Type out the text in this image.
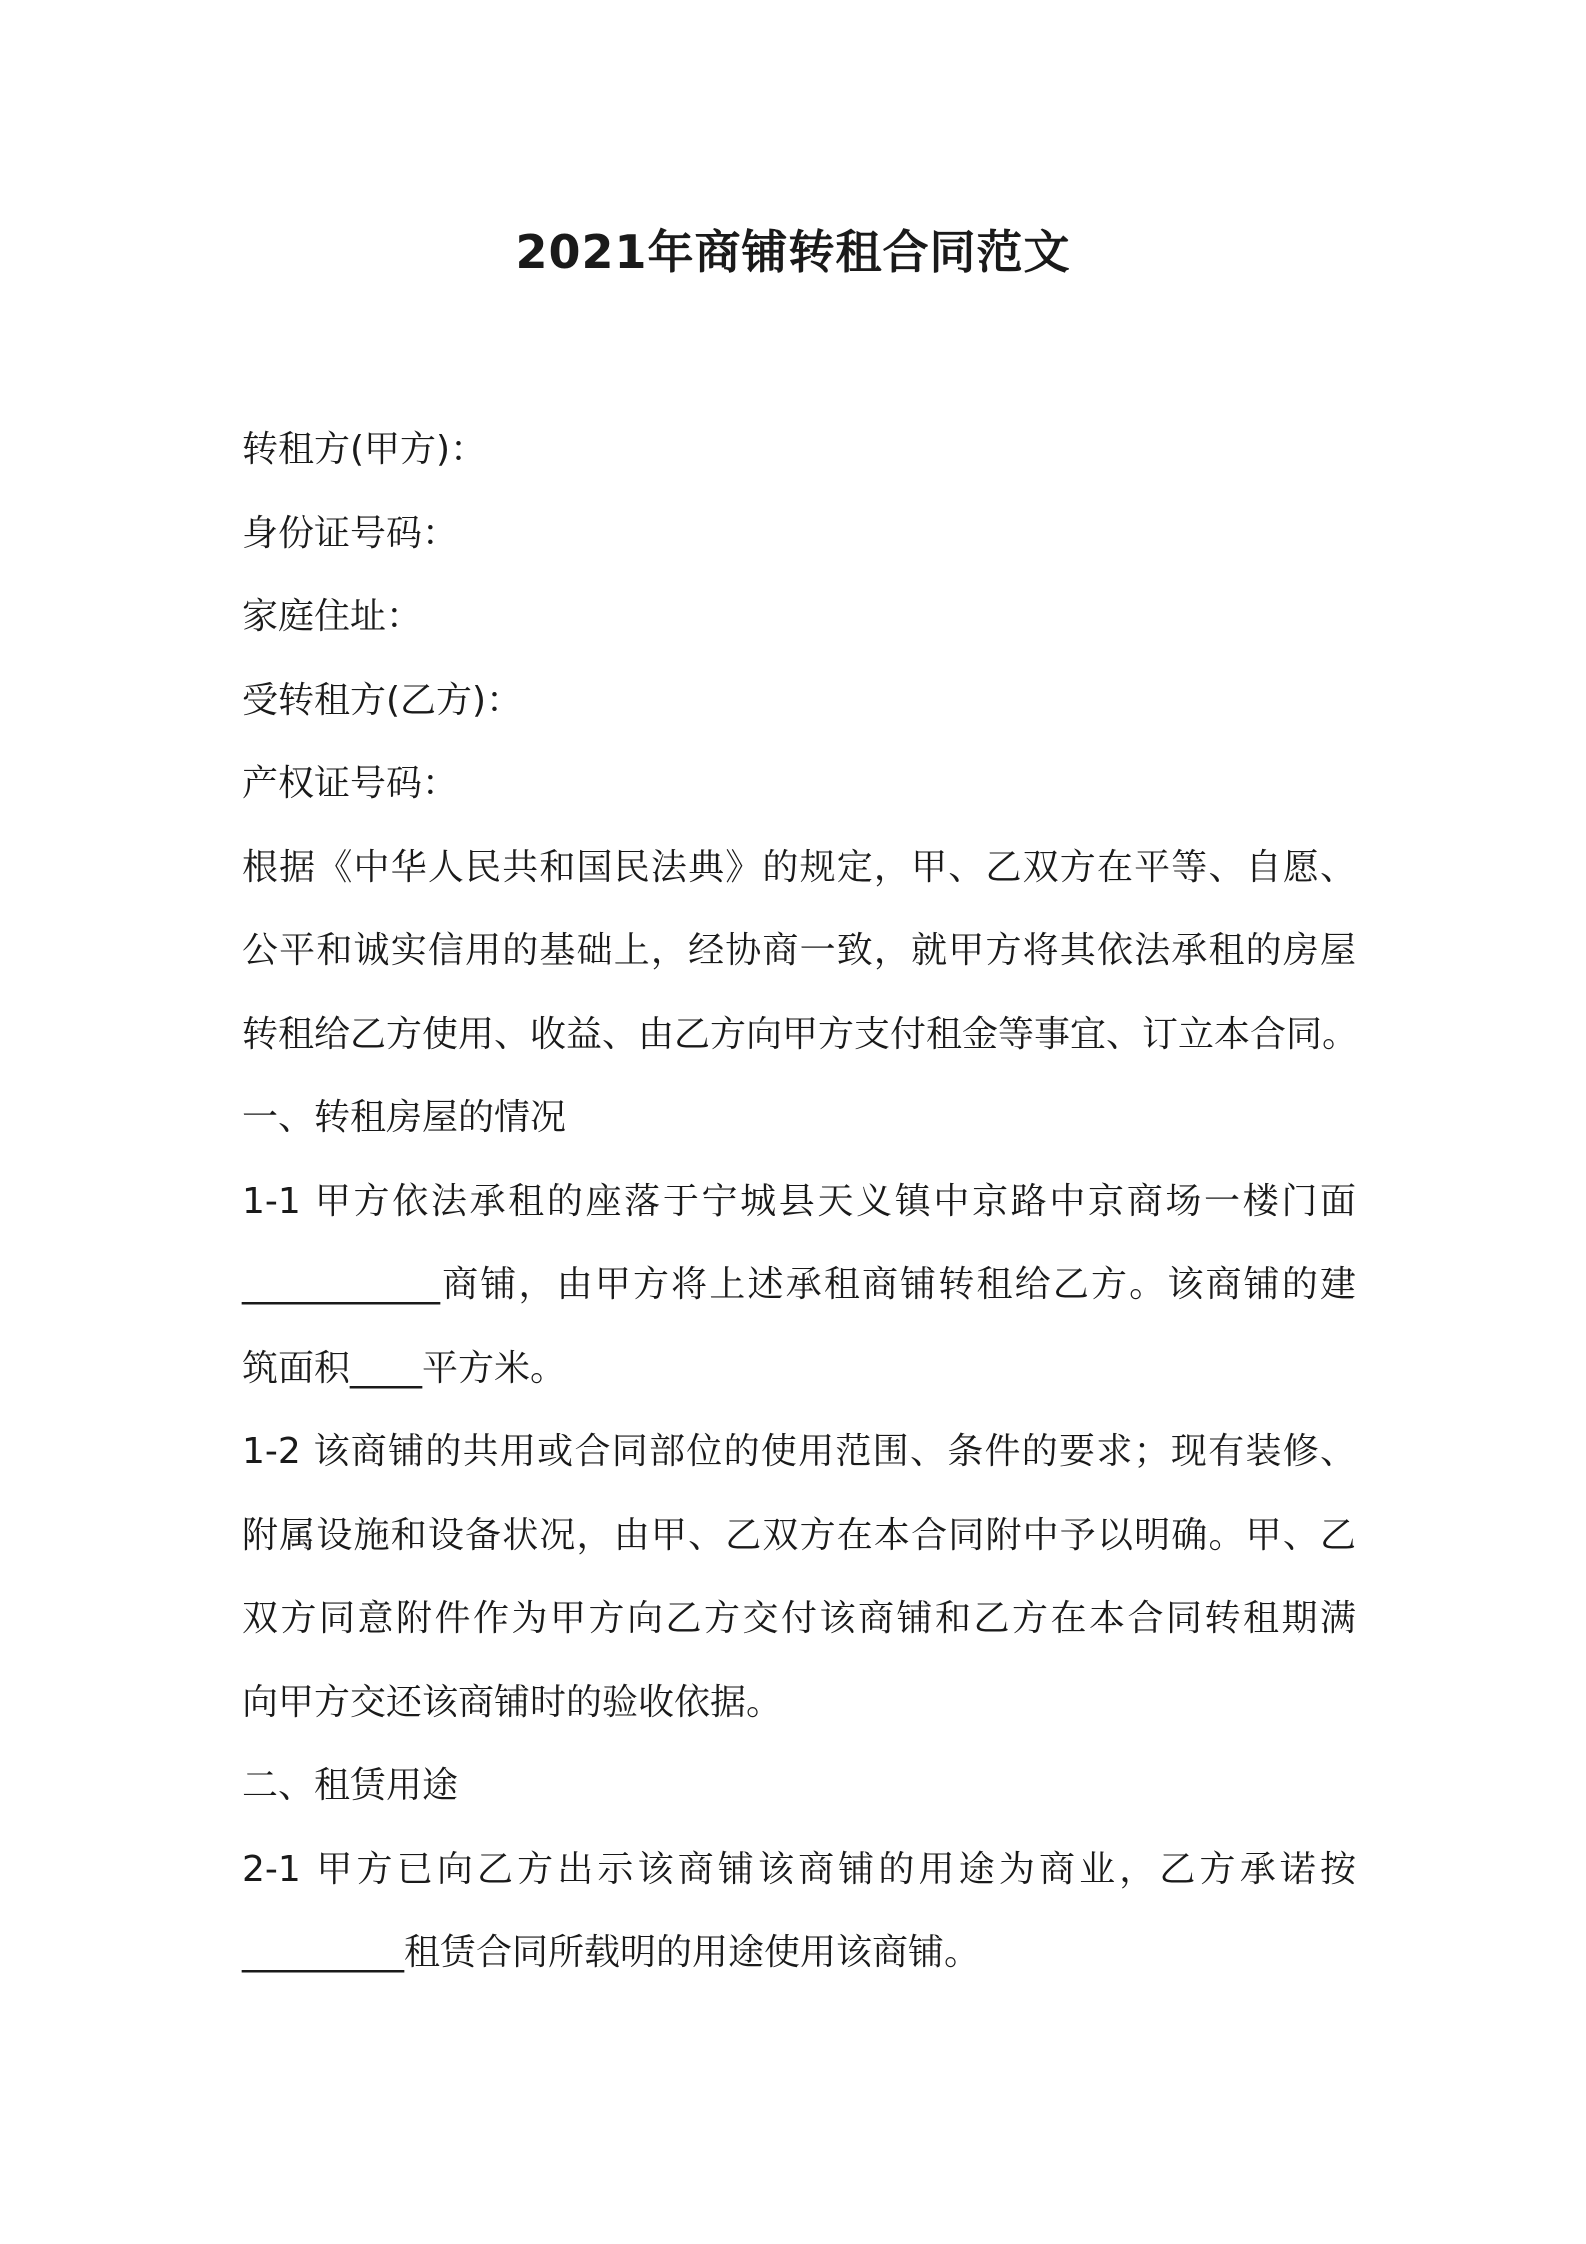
2021年商铺转租合同范文

转租方(甲方)：

身份证号码：

家庭住址：

受转租方(乙方)：

产权证号码：

根据《中华人民共和国民法典》的规定，甲、乙双方在平等、自愿、

公平和诚实信用的基础上，经协商一致，就甲方将其依法承租的房屋

转租给乙方使用、收益、由乙方向甲方支付租金等事宜、订立本合同。

一、转租房屋的情况

1-1 甲方依法承租的座落于宁城县天义镇中京路中京商场一楼门面

___________商铺，由甲方将上述承租商铺转租给乙方。该商铺的建

筑面积____平方米。

1-2 该商铺的共用或合同部位的使用范围、条件的要求；现有装修、

附属设施和设备状况，由甲、乙双方在本合同附中予以明确。甲、乙

双方同意附件作为甲方向乙方交付该商铺和乙方在本合同转租期满

向甲方交还该商铺时的验收依据。

二、租赁用途

2-1 甲方已向乙方出示该商铺该商铺的用途为商业，乙方承诺按

_________租赁合同所载明的用途使用该商铺。
